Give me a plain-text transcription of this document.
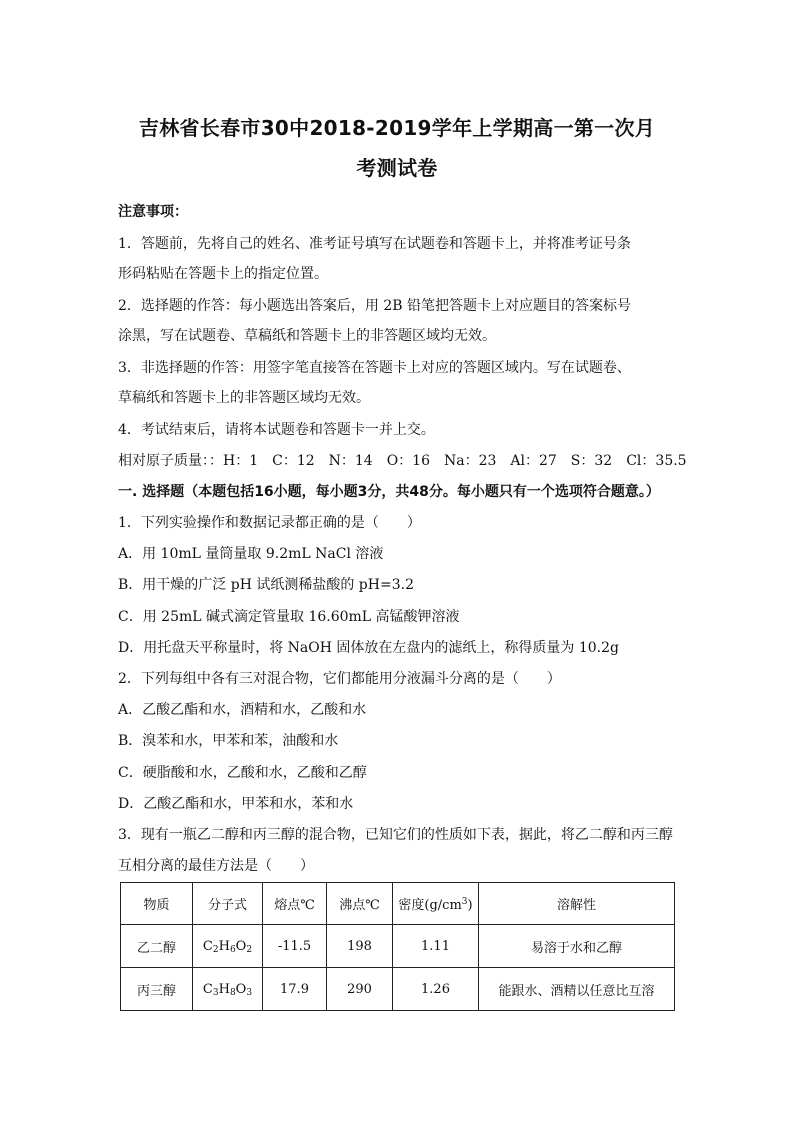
吉林省长春市30中2018-2019学年上学期高一第一次月
考测试卷
注意事项：
1．答题前，先将自己的姓名、准考证号填写在试题卷和答题卡上，并将准考证号条
形码粘贴在答题卡上的指定位置。
2．选择题的作答：每小题选出答案后，用 2B 铅笔把答题卡上对应题目的答案标号
涂黑，写在试题卷、草稿纸和答题卡上的非答题区域均无效。
3．非选择题的作答：用签字笔直接答在答题卡上对应的答题区域内。写在试题卷、
草稿纸和答题卡上的非答题区域均无效。
4．考试结束后，请将本试题卷和答题卡一并上交。
相对原子质量：：H：1　C：12　N：14　O：16　Na：23　Al：27　S：32　Cl：35.5
一. 选择题（本题包括16小题，每小题3分，共48分。每小题只有一个选项符合题意。）
1．下列实验操作和数据记录都正确的是（　　）
A．用 10mL 量筒量取 9.2mL NaCl 溶液
B．用干燥的广泛 pH 试纸测稀盐酸的 pH=3.2
C．用 25mL 碱式滴定管量取 16.60mL 高锰酸钾溶液
D．用托盘天平称量时，将 NaOH 固体放在左盘内的滤纸上，称得质量为 10.2g
2．下列每组中各有三对混合物，它们都能用分液漏斗分离的是（　　）
A．乙酸乙酯和水，酒精和水，乙酸和水
B．溴苯和水，甲苯和苯，油酸和水
C．硬脂酸和水，乙酸和水，乙酸和乙醇
D．乙酸乙酯和水，甲苯和水，苯和水
3．现有一瓶乙二醇和丙三醇的混合物，已知它们的性质如下表，据此，将乙二醇和丙三醇
互相分离的最佳方法是（　　）
物质	分子式	熔点℃	沸点℃	密度$(g/cm^3)$	溶解性
乙二醇	$C_2H_6O_2$	-11.5	198	1.11	易溶于水和乙醇
丙三醇	$C_3H_8O_3$	17.9	290	1.26	能跟水、酒精以任意比互溶
